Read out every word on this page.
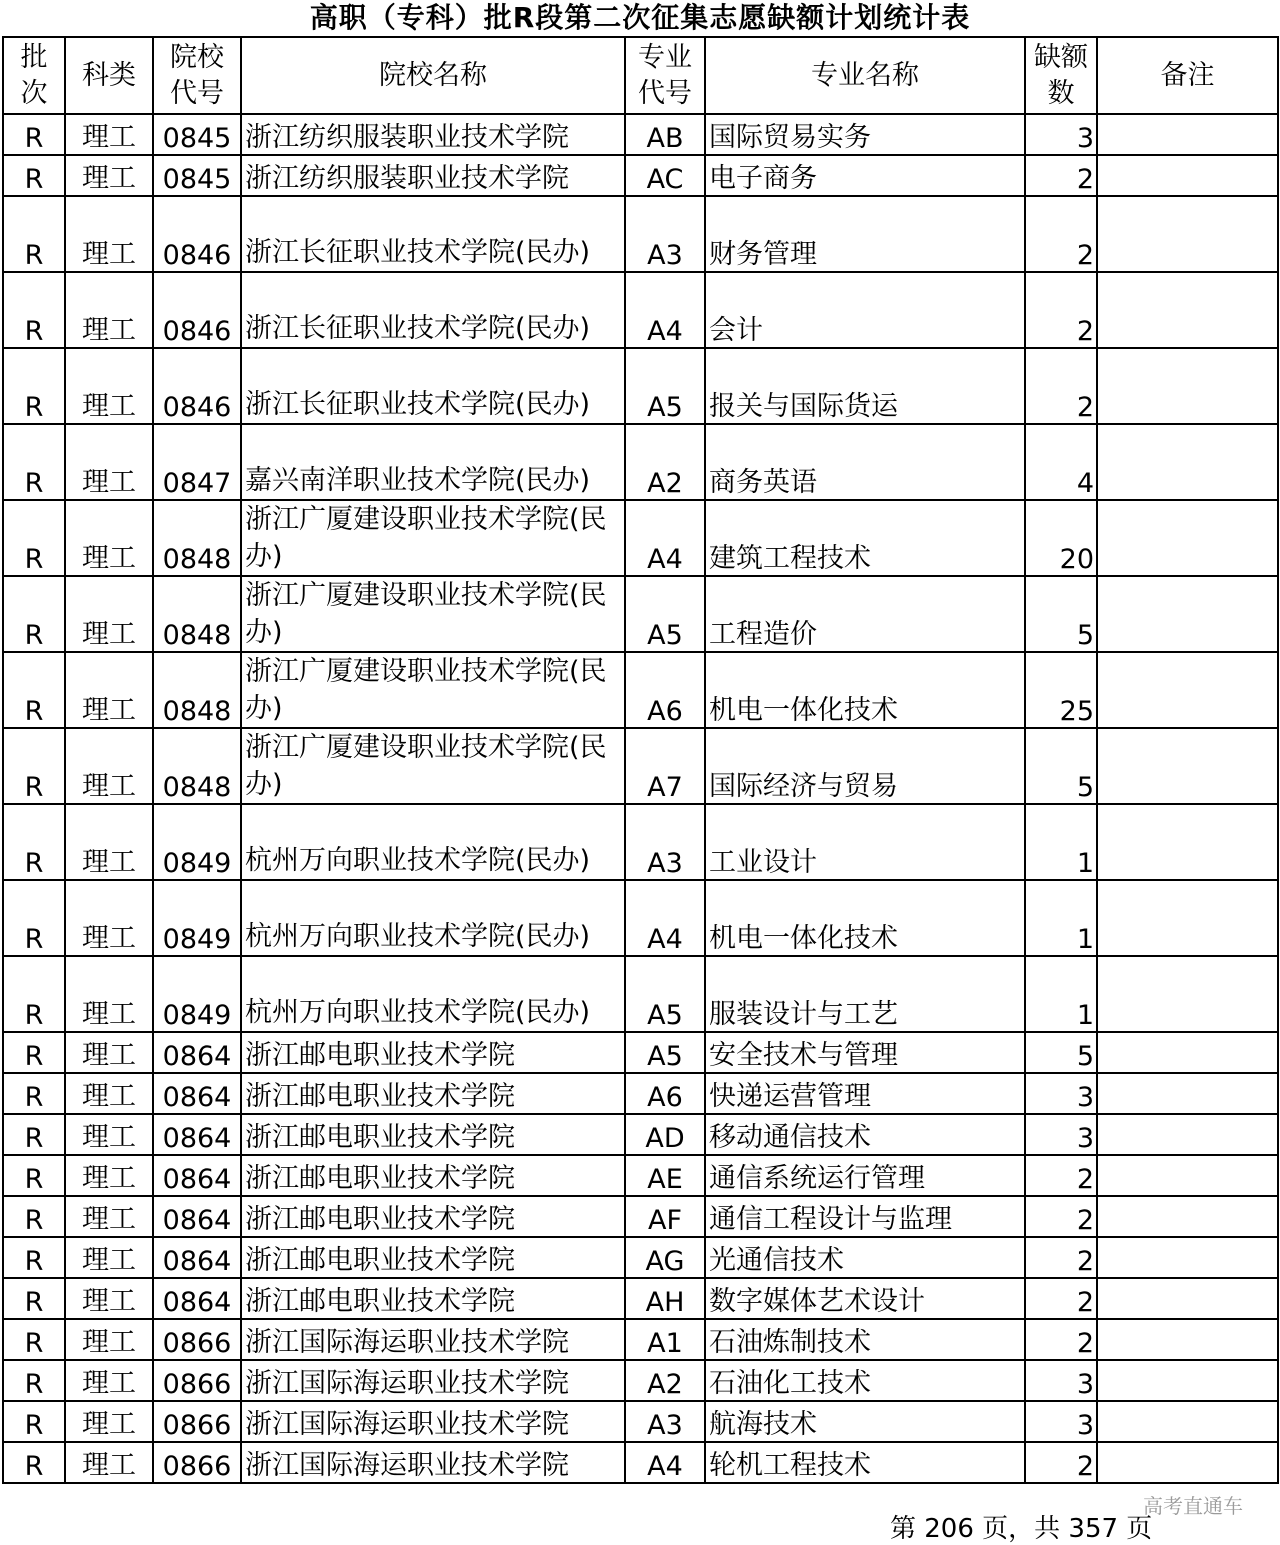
高职（专科）批R段第二次征集志愿缺额计划统计表
批次	科类	院校代号	院校名称	专业代号	专业名称	缺额数	备注
R	理工	0845	浙江纺织服装职业技术学院	AB	国际贸易实务	3	
R	理工	0845	浙江纺织服装职业技术学院	AC	电子商务	2	
R	理工	0846	浙江长征职业技术学院(民办)	A3	财务管理	2	
R	理工	0846	浙江长征职业技术学院(民办)	A4	会计	2	
R	理工	0846	浙江长征职业技术学院(民办)	A5	报关与国际货运	2	
R	理工	0847	嘉兴南洋职业技术学院(民办)	A2	商务英语	4	
R	理工	0848	浙江广厦建设职业技术学院(民办)	A4	建筑工程技术	20	
R	理工	0848	浙江广厦建设职业技术学院(民办)	A5	工程造价	5	
R	理工	0848	浙江广厦建设职业技术学院(民办)	A6	机电一体化技术	25	
R	理工	0848	浙江广厦建设职业技术学院(民办)	A7	国际经济与贸易	5	
R	理工	0849	杭州万向职业技术学院(民办)	A3	工业设计	1	
R	理工	0849	杭州万向职业技术学院(民办)	A4	机电一体化技术	1	
R	理工	0849	杭州万向职业技术学院(民办)	A5	服装设计与工艺	1	
R	理工	0864	浙江邮电职业技术学院	A5	安全技术与管理	5	
R	理工	0864	浙江邮电职业技术学院	A6	快递运营管理	3	
R	理工	0864	浙江邮电职业技术学院	AD	移动通信技术	3	
R	理工	0864	浙江邮电职业技术学院	AE	通信系统运行管理	2	
R	理工	0864	浙江邮电职业技术学院	AF	通信工程设计与监理	2	
R	理工	0864	浙江邮电职业技术学院	AG	光通信技术	2	
R	理工	0864	浙江邮电职业技术学院	AH	数字媒体艺术设计	2	
R	理工	0866	浙江国际海运职业技术学院	A1	石油炼制技术	2	
R	理工	0866	浙江国际海运职业技术学院	A2	石油化工技术	3	
R	理工	0866	浙江国际海运职业技术学院	A3	航海技术	3	
R	理工	0866	浙江国际海运职业技术学院	A4	轮机工程技术	2	
第 206 页，共 357 页
高考直通车
